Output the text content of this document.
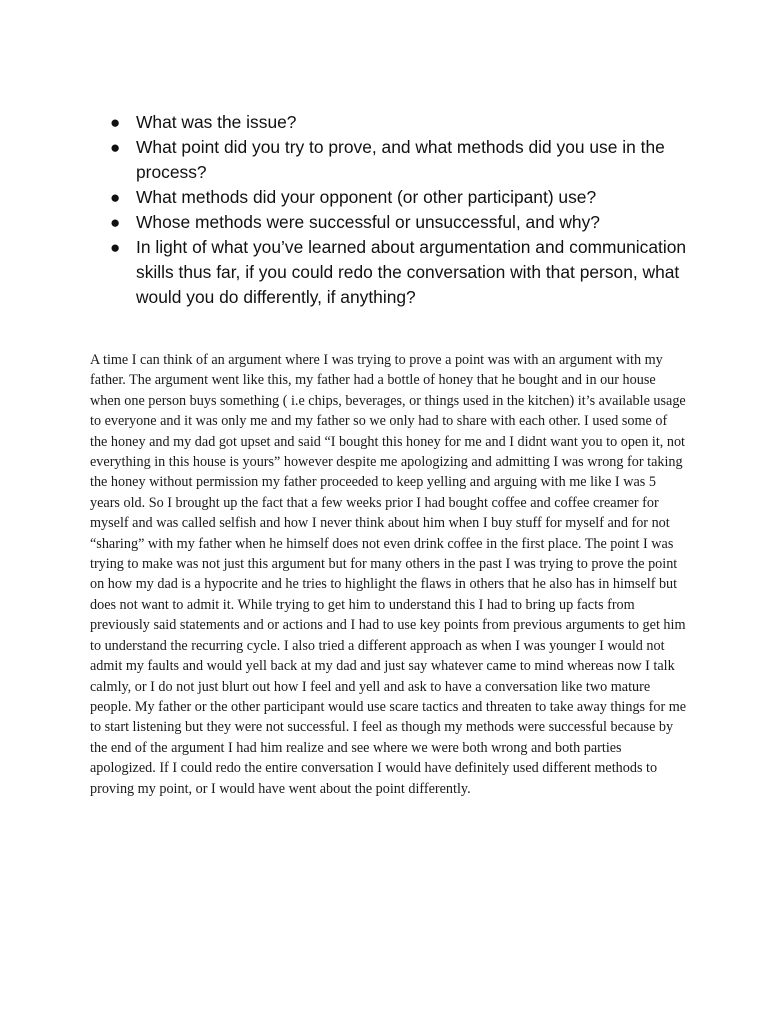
● What was the issue?
● What point did you try to prove, and what methods did you use in the process?
● What methods did your opponent (or other participant) use?
● Whose methods were successful or unsuccessful, and why?
● In light of what you’ve learned about argumentation and communication skills thus far, if you could redo the conversation with that person, what would you do differently, if anything?

A time I can think of an argument where I was trying to prove a point was with an argument with my father. The argument went like this, my father had a bottle of honey that he bought and in our house when one person buys something ( i.e chips, beverages, or things used in the kitchen) it’s available usage to everyone and it was only me and my father so we only had to share with each other. I used some of the honey and my dad got upset and said “I bought this honey for me and I didnt want you to open it, not everything in this house is yours” however despite me apologizing and admitting I was wrong for taking the honey without permission my father proceeded to keep yelling and arguing with me like I was 5 years old. So I brought up the fact that a few weeks prior I had bought coffee and coffee creamer for myself and was called selfish and how I never think about him when I buy stuff for myself and for not “sharing” with my father when he himself does not even drink coffee in the first place. The point I was trying to make was not just this argument but for many others in the past I was trying to prove the point on how my dad is a hypocrite and he tries to highlight the flaws in others that he also has in himself but does not want to admit it. While trying to get him to understand this I had to bring up facts from previously said statements and or actions and I had to use key points from previous arguments to get him to understand the recurring cycle. I also tried a different approach as when I was younger I would not admit my faults and would yell back at my dad and just say whatever came to mind whereas now I talk calmly, or I do not just blurt out how I feel and yell and ask to have a conversation like two mature people. My father or the other participant would use scare tactics and threaten to take away things for me to start listening but they were not successful. I feel as though my methods were successful because by the end of the argument I had him realize and see where we were both wrong and both parties apologized. If I could redo the entire conversation I would have definitely used different methods to proving my point, or I would have went about the point differently.
